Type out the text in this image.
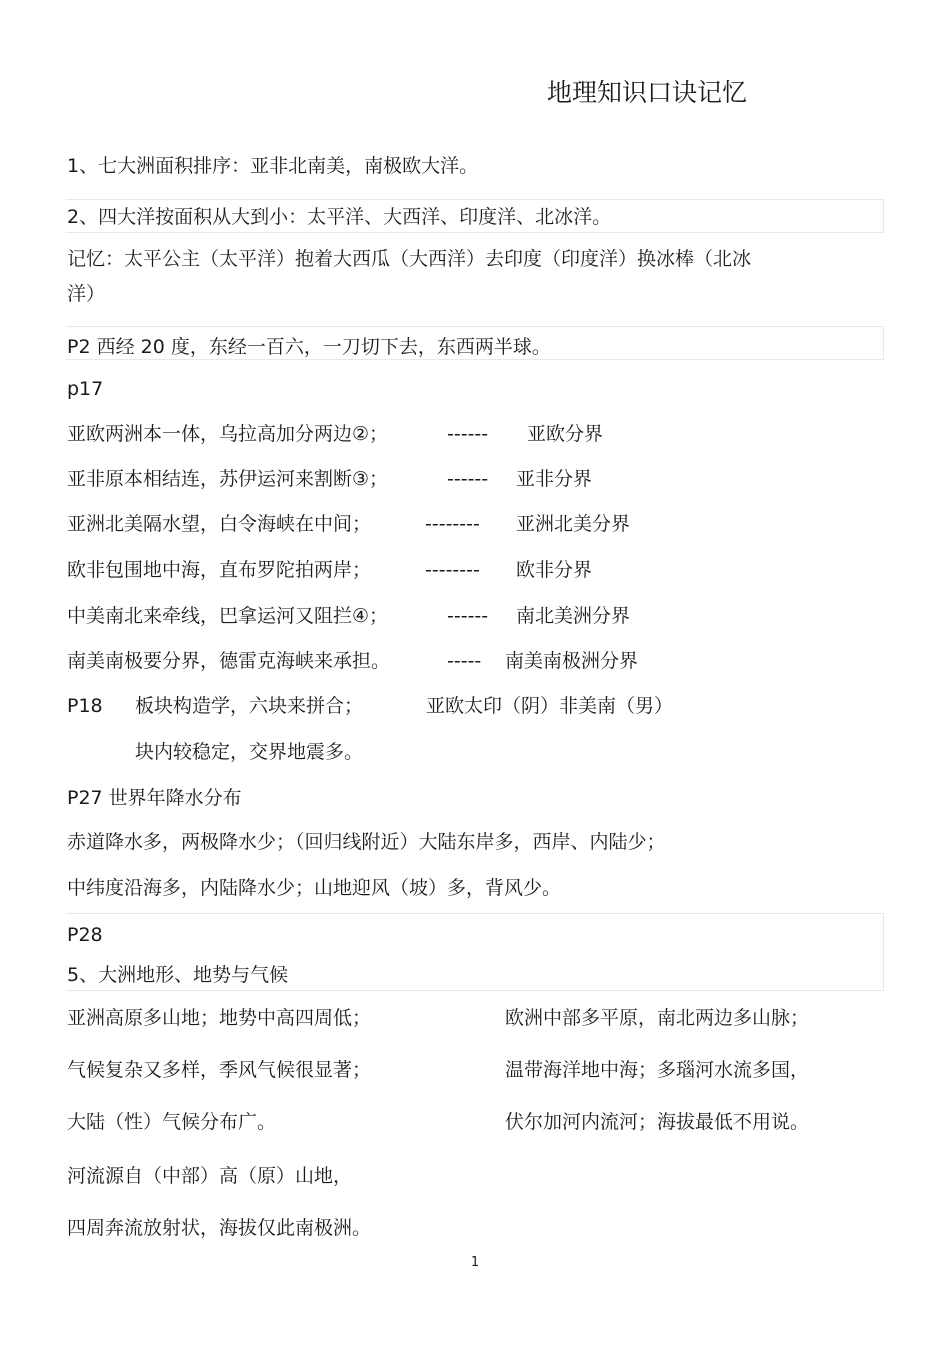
地理知识口诀记忆
1、七大洲面积排序：亚非北南美，南极欧大洋。
2、四大洋按面积从大到小：太平洋、大西洋、印度洋、北冰洋。
记忆：太平公主（太平洋）抱着大西瓜（大西洋）去印度（印度洋）换冰棒（北冰
洋）
P2 西经 20 度，东经一百六，一刀切下去，东西两半球。
p17
亚欧两洲本一体，乌拉高加分两边②；	------ 亚欧分界
亚非原本相结连，苏伊运河来割断③；	------ 亚非分界
亚洲北美隔水望，白令海峡在中间；	-------- 亚洲北美分界
欧非包围地中海，直布罗陀拍两岸；	-------- 欧非分界
中美南北来牵线，巴拿运河又阻拦④；	------ 南北美洲分界
南美南极要分界，德雷克海峡来承担。	----- 南美南极洲分界
P18 板块构造学，六块来拼合；	亚欧太印（阴）非美南（男）
块内较稳定，交界地震多。
P27 世界年降水分布
赤道降水多，两极降水少；（回归线附近）大陆东岸多，西岸、内陆少；
中纬度沿海多，内陆降水少；山地迎风（坡）多，背风少。
P28
5、大洲地形、地势与气候
亚洲高原多山地；地势中高四周低；	欧洲中部多平原，南北两边多山脉；
气候复杂又多样，季风气候很显著；	温带海洋地中海；多瑙河水流多国，
大陆（性）气候分布广。	伏尔加河内流河；海拔最低不用说。
河流源自（中部）高（原）山地，
四周奔流放射状，海拔仅此南极洲。
1
